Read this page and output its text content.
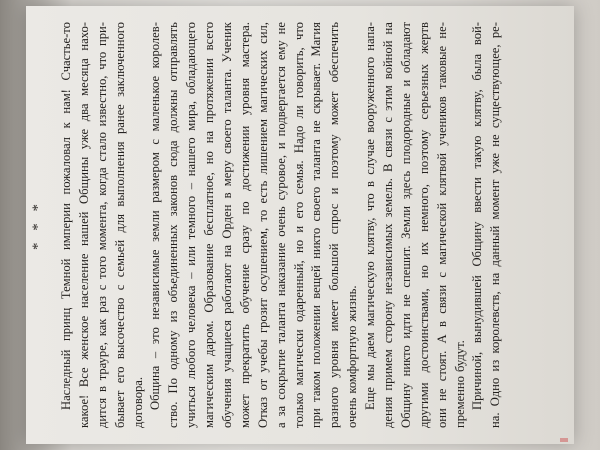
* * *
Наследный
принц
Темной
империи
пожаловал
к
нам!
Счастье-то
какое!
Все
женское
население
нашей
Общины
уже
два
месяца
нахо-
дится
в
трауре,
как
раз
с
того
момента,
когда
стало
известно,
что
при-
бывает
его
высочество
с
семьей
для
выполнения
ранее
заключенного
договора. Община
–
это
независимые
земли
размером
с
маленькое
королев-
ство.
По
одному
из
объединенных
законов
сюда
должны
отправлять
учиться
любого
человека
–
или
темного
–
нашего
мира,
обладающего
магическим
даром.
Образование
бесплатное,
но
на
протяжении
всего
обучения
учащиеся
работают
на
Орден
в
меру
своего
таланта.
Ученик
может
прекратить
обучение
сразу
по
достижении
уровня
мастера.
Отказ
от
учебы
грозит
осушением,
то
есть
лишением
магических
сил,
а
за
сокрытие
таланта
наказание
очень
суровое,
и
подвергается
ему
не
только
магически
одаренный,
но
и
его
семья.
Надо
ли
говорить,
что
при
таком
положении
вещей
никто
своего
таланта
не
скрывает.
Магия
разного
уровня
имеет
большой
спрос
и
поэтому
может
обеспечить
очень
комфортную
жизнь.
Еще
мы
даем
магическую
клятву,
что
в
случае
вооруженного
напа-
дения
примем
сторону
независимых
земель.
В
связи
с
этим
войной
на
Общину
никто
идти
не
спешит.
Земли
здесь
плодородные
и
обладают
другими
достоинствами,
но
их
немного,
поэтому
серьезных
жертв
они
не
стоят.
А
в
связи
с
магической
клятвой
учеников
таковые
не-
пременно
будут. Причиной,
вынудившей
Общину
ввести
такую
клятву,
была
вой-
на.
Одно
из
королевств,
на
данный
момент
уже
не
существующее,
ре-
